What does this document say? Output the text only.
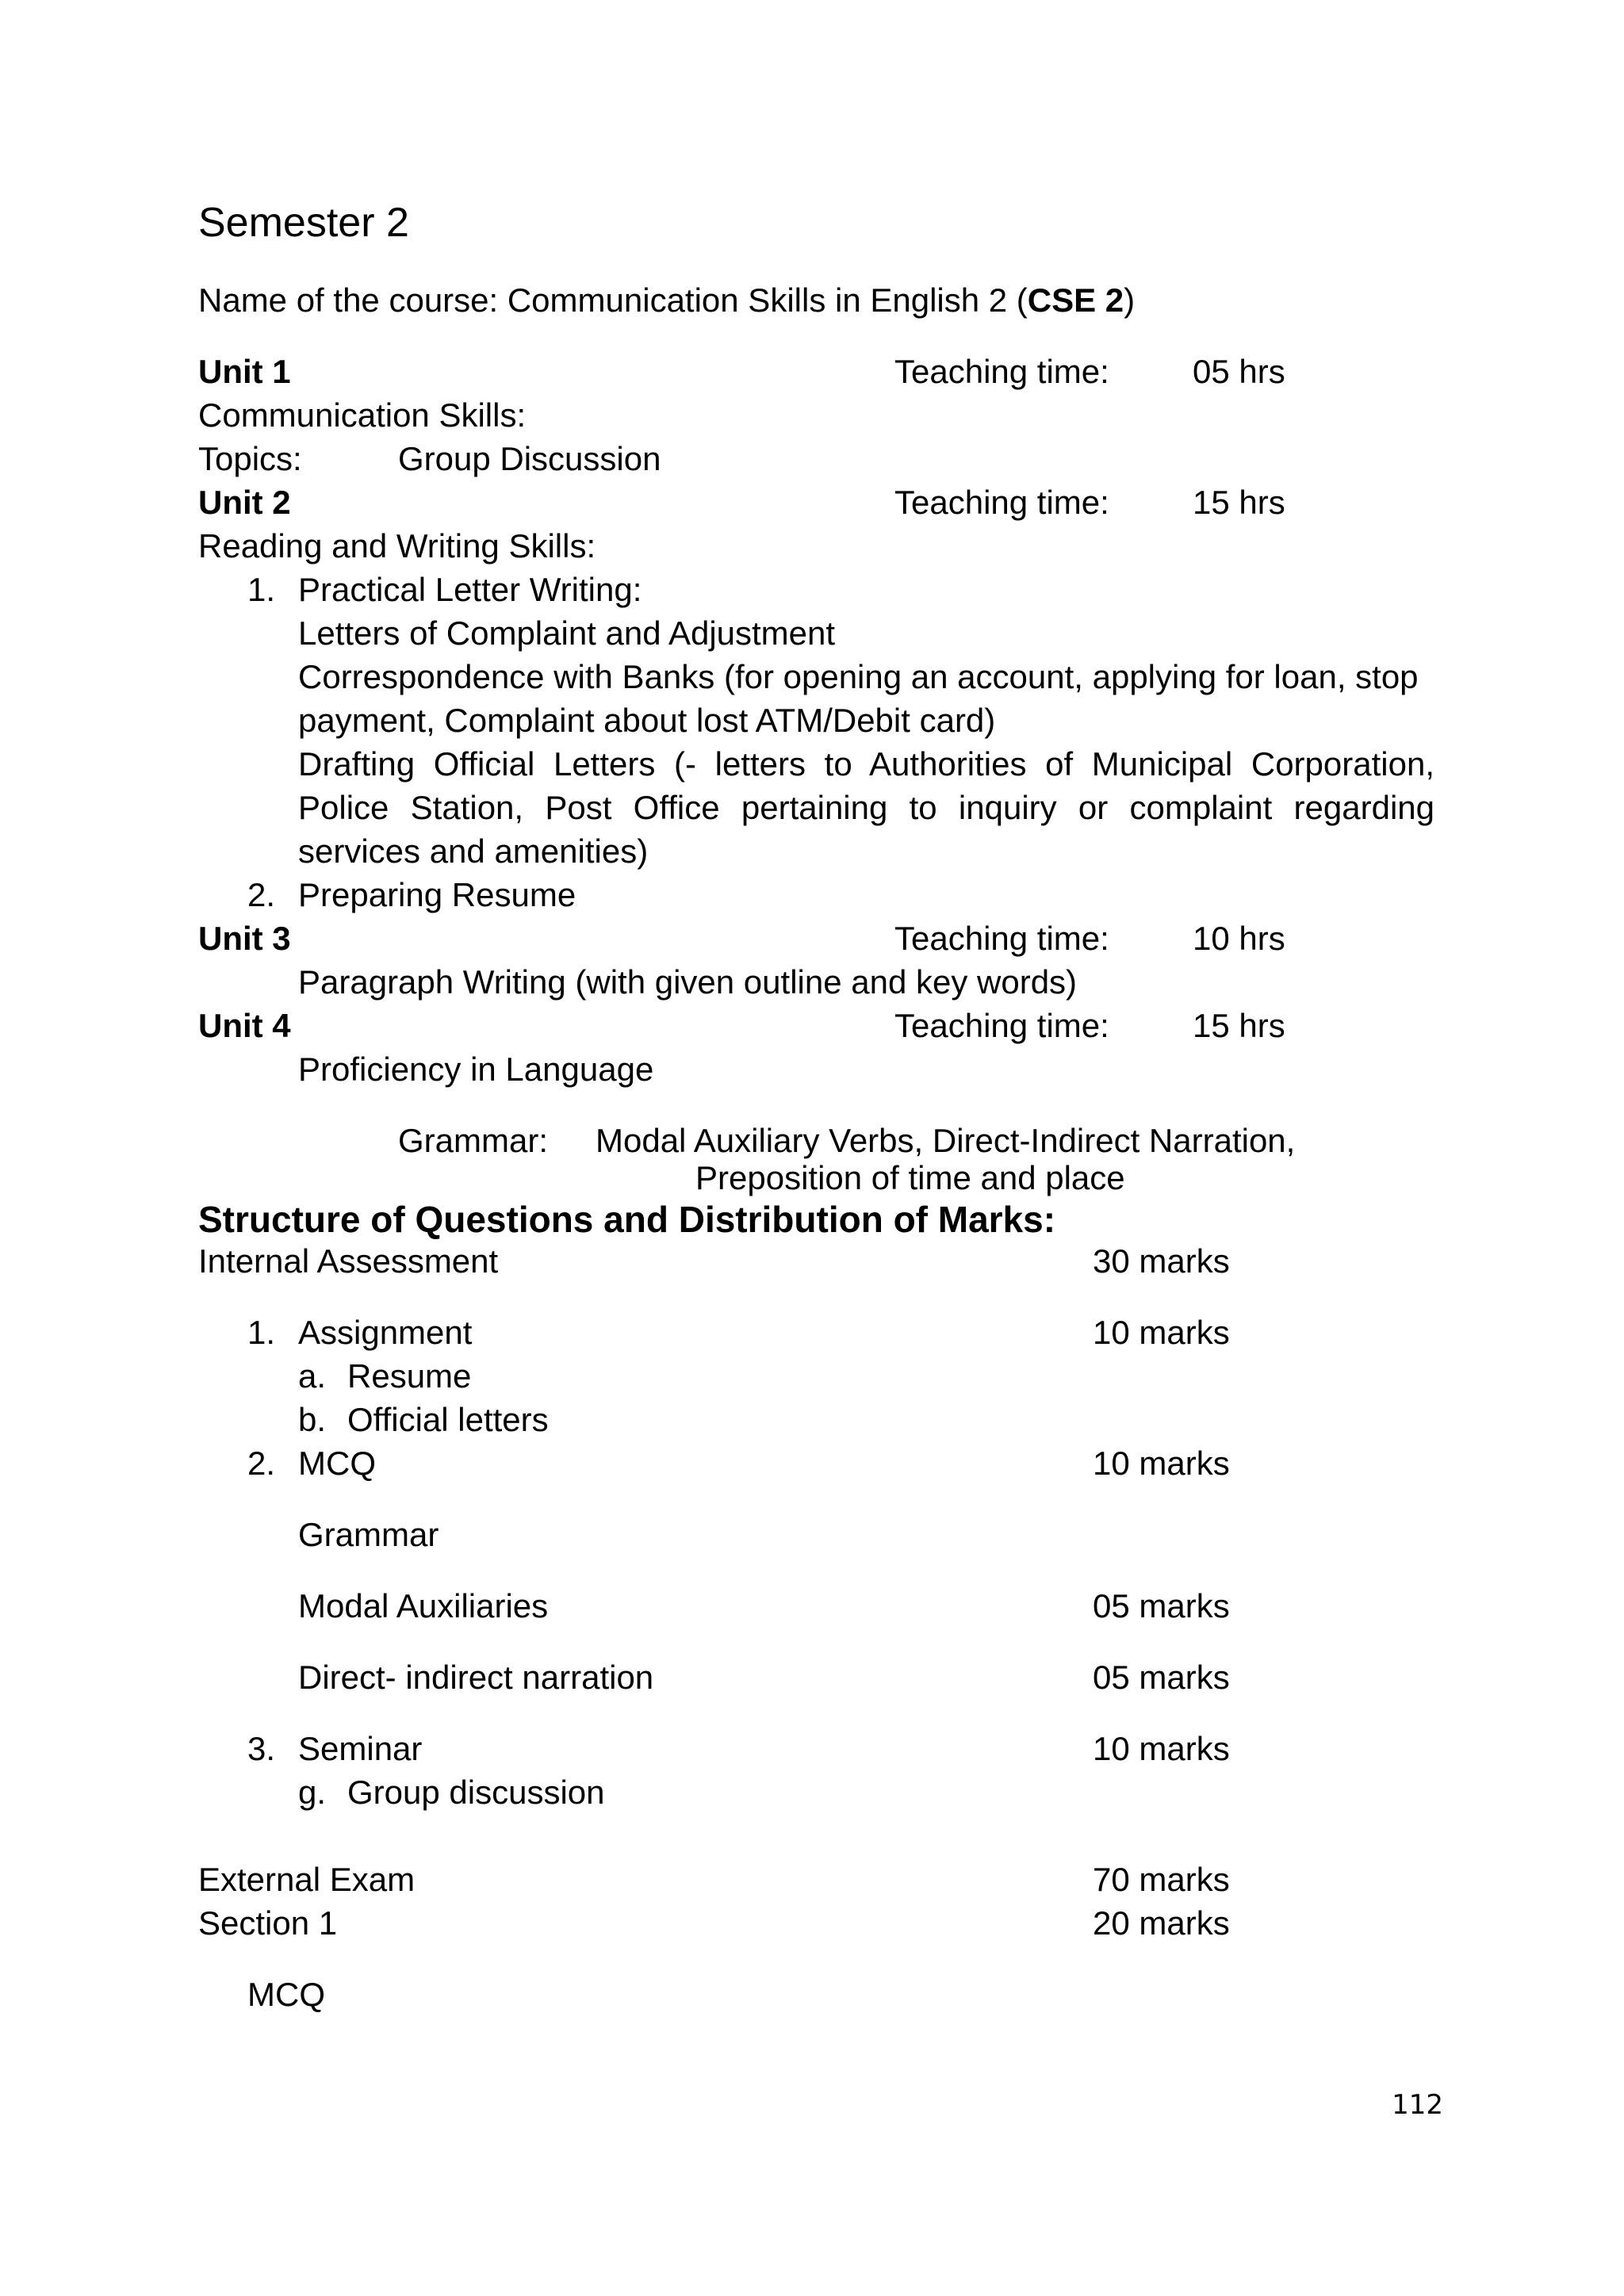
Semester 2
Name of the course: Communication Skills in English 2 (CSE 2)
Unit 1	Teaching time:	05 hrs
Communication Skills:
Topics:	Group Discussion
Unit 2	Teaching time:	15 hrs
Reading and Writing Skills:
1. Practical Letter Writing:
Letters of Complaint and Adjustment
Correspondence with Banks (for opening an account, applying for loan, stop
payment, Complaint about lost ATM/Debit card)
Drafting Official Letters (- letters to Authorities of Municipal Corporation,
Police Station, Post Office pertaining to inquiry or complaint regarding
services and amenities)
2. Preparing Resume
Unit 3	Teaching time:	10 hrs
Paragraph Writing (with given outline and key words)
Unit 4	Teaching time:	15 hrs
Proficiency in Language
Grammar: Modal Auxiliary Verbs, Direct-Indirect Narration,
Preposition of time and place
Structure of Questions and Distribution of Marks:
Internal Assessment	30 marks
1. Assignment	10 marks
a. Resume
b. Official letters
2. MCQ	10 marks
Grammar
Modal Auxiliaries	05 marks
Direct- indirect narration	05 marks
3. Seminar	10 marks
g. Group discussion
External Exam	70 marks
Section 1	20 marks
MCQ
112
